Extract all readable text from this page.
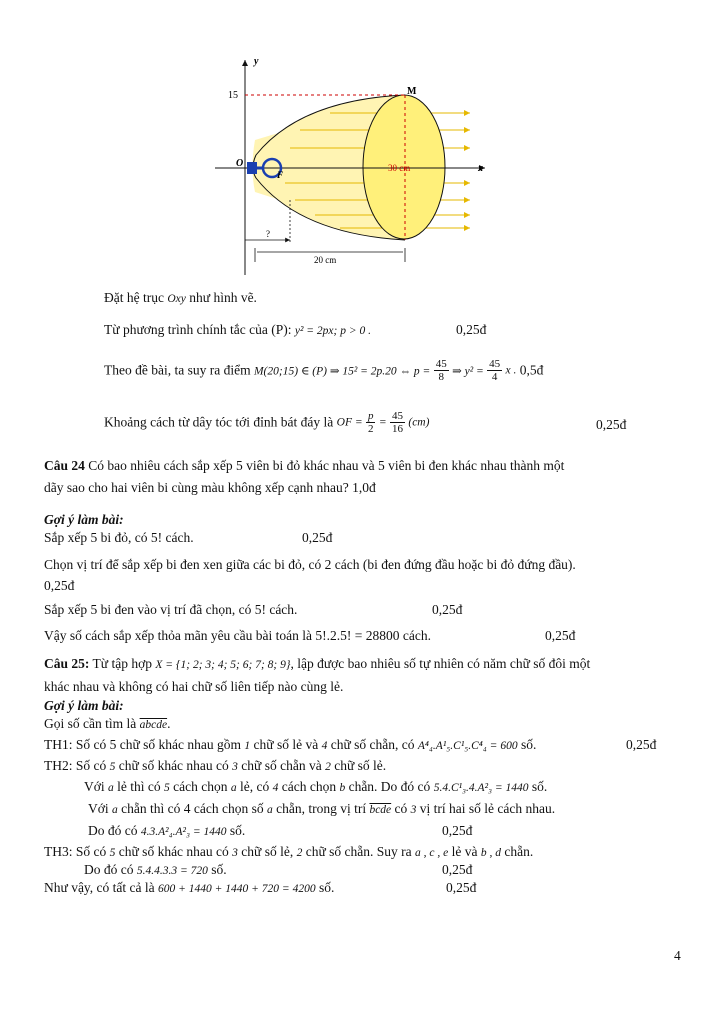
y
x
15	M
O
F
30 cm
?
20 cm
Đặt hệ trục Oxy như hình vẽ.
Từ phương trình chính tắc của (P): y² = 2px; p > 0 .	0,25đ
Theo đề bài, ta suy ra điểm M(20;15) ∈ (P) ⇒ 15² = 2p.20 ⇔ $p = \frac{45}{8}$ ⇒ $y^2 = \frac{45}{4}$ x . 0,5đ
Khoảng cách từ dây tóc tới đỉnh bát đáy là OF = $\frac{p}{2} = \frac{45}{16} (cm)$	0,25đ
Câu 24 Có bao nhiêu cách sắp xếp 5 viên bi đỏ khác nhau và 5 viên bi đen khác nhau thành một
dãy sao cho hai viên bi cùng màu không xếp cạnh nhau? 1,0đ
Gợi ý làm bài:
Sắp xếp 5 bi đỏ, có 5! cách.	0,25đ
Chọn vị trí để sắp xếp bi đen xen giữa các bi đỏ, có 2 cách (bi đen đứng đầu hoặc bi đỏ đứng đầu).
0,25đ
Sắp xếp 5 bi đen vào vị trí đã chọn, có 5! cách.	0,25đ
Vậy số cách sắp xếp thỏa mãn yêu cầu bài toán là 5!.2.5! = 28800 cách.	0,25đ
Câu 25: Từ tập hợp X = {1; 2; 3; 4; 5; 6; 7; 8; 9}, lập được bao nhiêu số tự nhiên có năm chữ số đôi một
khác nhau và không có hai chữ số liên tiếp nào cùng lẻ.
Gợi ý làm bài:
Gọi số cần tìm là abcde.
TH1: Số có 5 chữ số khác nhau gồm 1 chữ số lẻ và 4 chữ số chẵn, có A⁴₄.A¹₅.C¹₅.C⁴₄ = 600 số.	0,25đ
TH2: Số có 5 chữ số khác nhau có 3 chữ số chẵn và 2 chữ số lẻ.
Với a lẻ thì có 5 cách chọn a lẻ, có 4 cách chọn b chẵn. Do đó có 5.4.C¹₃.4.A²₃ = 1440 số.
Với a chẵn thì có 4 cách chọn số a chẵn, trong vị trí bcde có 3 vị trí hai số lẻ cách nhau.
Do đó có 4.3.A²₄.A²₃ = 1440 số.	0,25đ
TH3: Số có 5 chữ số khác nhau có 3 chữ số lẻ, 2 chữ số chẵn. Suy ra a , c , e lẻ và b , d chẵn.
Do đó có 5.4.4.3.3 = 720 số.	0,25đ
Như vậy, có tất cả là 600 + 1440 + 1440 + 720 = 4200 số.	0,25đ
4
